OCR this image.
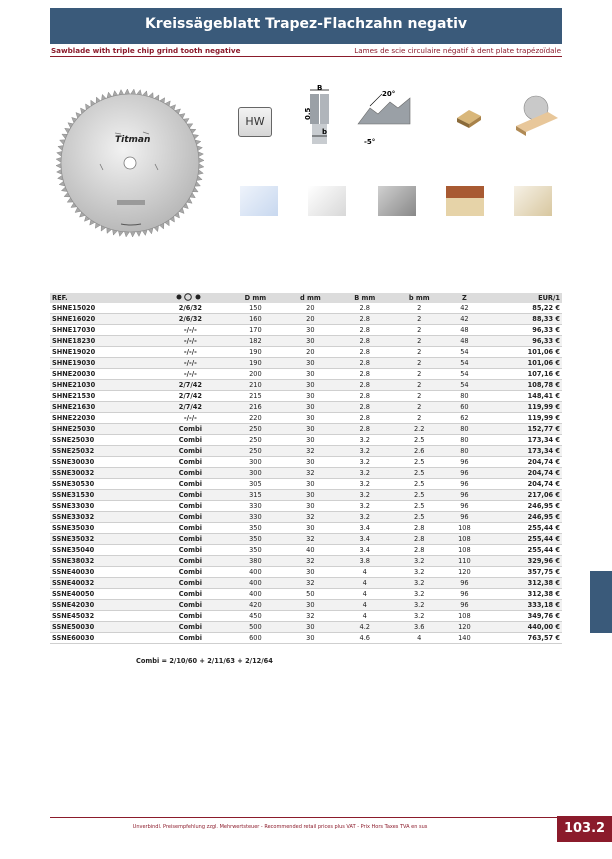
Kreissägeblatt Trapez-Flachzahn negativ
Sawblade with triple chip grind tooth negative	Lames de scie circulaire négatif à dent plate trapézoïdale
Titman
HW
B
b
0.5
20°
-5°
REF.		D mm	d mm	B mm	b mm	Z	EUR/1
SHNE15020	2/6/32	150	20	2.8	2	42	85,22 €
SHNE16020	2/6/32	160	20	2.8	2	42	88,33 €
SHNE17030	-/-/-	170	30	2.8	2	48	96,33 €
SHNE18230	-/-/-	182	30	2.8	2	48	96,33 €
SHNE19020	-/-/-	190	20	2.8	2	54	101,06 €
SHNE19030	-/-/-	190	30	2.8	2	54	101,06 €
SHNE20030	-/-/-	200	30	2.8	2	54	107,16 €
SHNE21030	2/7/42	210	30	2.8	2	54	108,78 €
SHNE21530	2/7/42	215	30	2.8	2	80	148,41 €
SHNE21630	2/7/42	216	30	2.8	2	60	119,99 €
SHNE22030	-/-/-	220	30	2.8	2	62	119,99 €
SHNE25030	Combi	250	30	2.8	2.2	80	152,77 €
SSNE25030	Combi	250	30	3.2	2.5	80	173,34 €
SSNE25032	Combi	250	32	3.2	2.6	80	173,34 €
SSNE30030	Combi	300	30	3.2	2.5	96	204,74 €
SSNE30032	Combi	300	32	3.2	2.5	96	204,74 €
SSNE30530	Combi	305	30	3.2	2.5	96	204,74 €
SSNE31530	Combi	315	30	3.2	2.5	96	217,06 €
SSNE33030	Combi	330	30	3.2	2.5	96	246,95 €
SSNE33032	Combi	330	32	3.2	2.5	96	246,95 €
SSNE35030	Combi	350	30	3.4	2.8	108	255,44 €
SSNE35032	Combi	350	32	3.4	2.8	108	255,44 €
SSNE35040	Combi	350	40	3.4	2.8	108	255,44 €
SSNE38032	Combi	380	32	3.8	3.2	110	329,96 €
SSNE40030	Combi	400	30	4	3.2	120	357,75 €
SSNE40032	Combi	400	32	4	3.2	96	312,38 €
SSNE40050	Combi	400	50	4	3.2	96	312,38 €
SSNE42030	Combi	420	30	4	3.2	96	333,18 €
SSNE45032	Combi	450	32	4	3.2	108	349,76 €
SSNE50030	Combi	500	30	4.2	3.6	120	440,00 €
SSNE60030	Combi	600	30	4.6	4	140	763,57 €
Combi = 2/10/60 + 2/11/63 + 2/12/64
Unverbindl. Preisempfehlung zzgl. Mehrwertsteuer - Recommended retail prices plus VAT - Prix Hors Taxes TVA en sus	103.2
